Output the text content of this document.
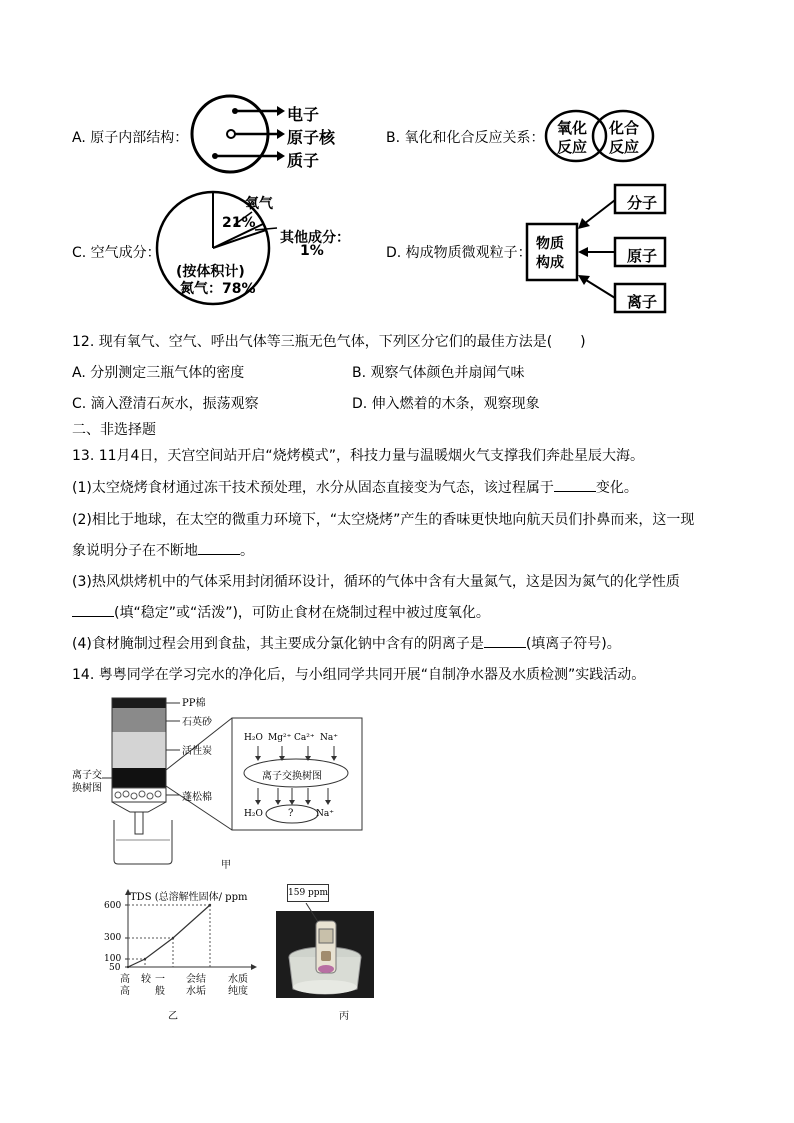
A. 原子内部结构：
电子
原子核
质子
B. 氧化和化合反应关系：
氧化
反应
化合
反应
C. 空气成分：
氧气
21%
其他成分：
1%
(按体积计)
氮气：78%
D. 构成物质微观粒子：
物质
构成
分子
原子
离子
12. 现有氧气、空气、呼出气体等三瓶无色气体，下列区分它们的最佳方法是(　　)
A. 分别测定三瓶气体的密度	B. 观察气体颜色并扇闻气味
C. 滴入澄清石灰水，振荡观察	D. 伸入燃着的木条，观察现象
二、非选择题
13. 11月4日，天宫空间站开启“烧烤模式”，科技力量与温暖烟火气支撑我们奔赴星辰大海。
(1)太空烧烤食材通过冻干技术预处理，水分从固态直接变为气态，该过程属于	变化。
(2)相比于地球，在太空的微重力环境下，“太空烧烤”产生的香味更快地向航天员们扑鼻而来，这一现
象说明分子在不断地	。
(3)热风烘烤机中的气体采用封闭循环设计，循环的气体中含有大量氮气，这是因为氮气的化学性质
(填“稳定”或“活泼”)，可防止食材在烧制过程中被过度氧化。
(4)食材腌制过程会用到食盐，其主要成分氯化钠中含有的阴离子是	(填离子符号)。
14. 粤粤同学在学习完水的净化后，与小组同学共同开展“自制净水器及水质检测”实践活动。
PP棉
石英砂
活性炭
离子交
换树图
蓬松棉
H₂O Mg²⁺ Ca²⁺ Na⁺
离子交换树图
H₂O	?	Na⁺
甲
TDS (总溶解性固体/ ppm
600
300
100
50
高
高
较 一
般
会结
水垢
水质
纯度
乙
159 ppm
丙
